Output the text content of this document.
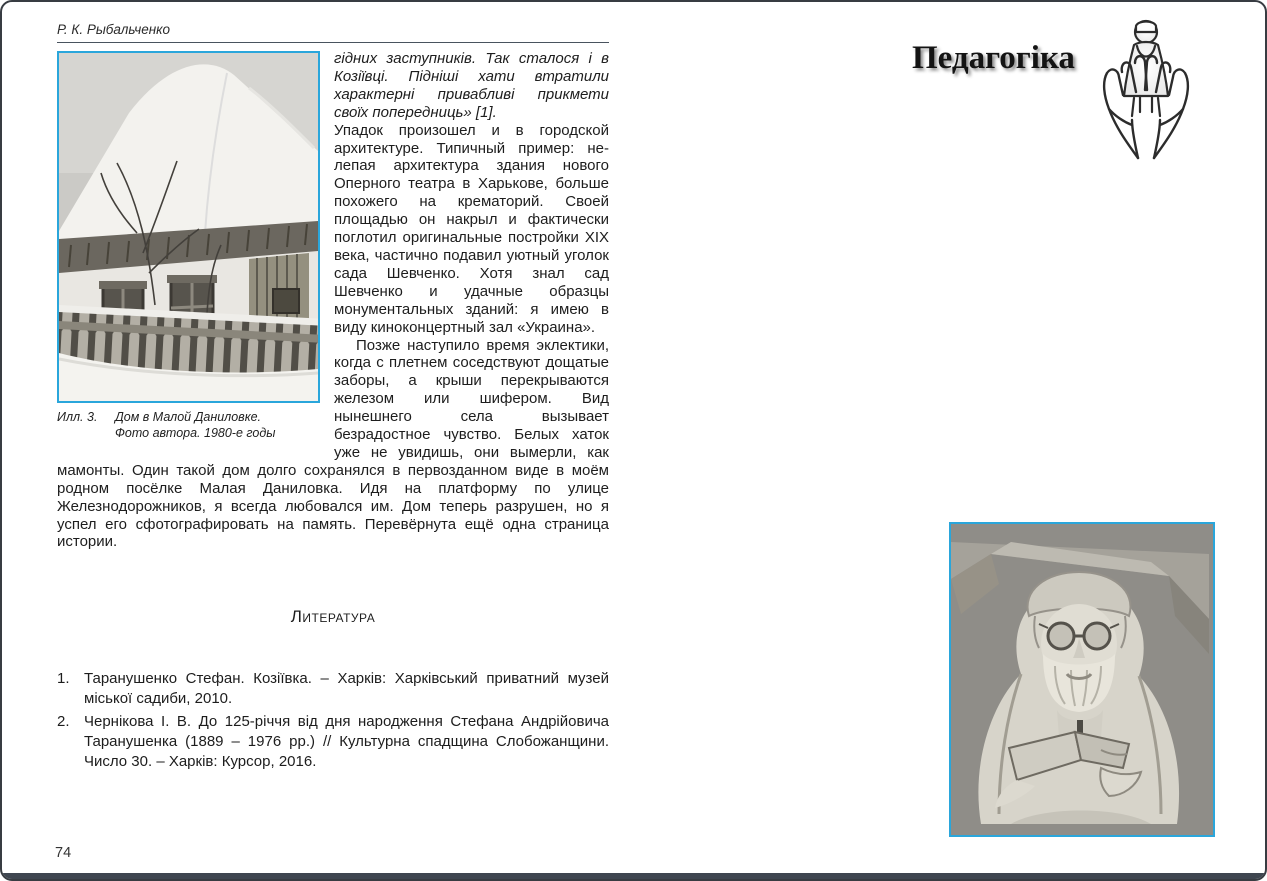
Р. К. Рыбальченко
Илл. 3.	Дом в Малой Даниловке.
Фото автора. 1980-е годы

гідних заступників. Так сталося і в Козіївці. Підніші хати втратили характерні привабливі прикмети своїх попередниць» [1].

Упадок произошел и в городской архитектуре. Типичный пример: нелепая архитектура здания нового Оперного театра в Харькове, больше похожего на крематорий. Своей площадью он накрыл и фактически поглотил оригинальные постройки XIX века, частично подавил уютный уголок сада Шевченко. Хотя знал сад Шевченко и удачные образцы монументальных зданий: я имею в виду киноконцертный зал «Украина».

Позже наступило время эклектики, когда с плетнем соседствуют дощатые заборы, а крыши перекрываются железом или шифером. Вид нынешнего села вызывает безрадостное чувство. Белых хаток уже не увидишь, они вымерли, как мамонты. Один такой дом долго сохранялся в первозданном виде в моём родном посёлке Малая Даниловка. Идя на платформу по улице Железнодорожников, я всегда любовался им. Дом теперь разрушен, но я успел его сфотографировать на память. Перевёрнута ещё одна страница истории.

Литература
1. Таранушенко Стефан. Козіївка. – Харків: Харківський приватний музей міської садиби, 2010.
2. Чернікова І. В. До 125-річчя від дня народження Стефана Андрійовича Таранушенка (1889 – 1976 рр.) // Культурна спадщина Слобожанщини. Число 30. – Харків: Курсор, 2016.
74
Педагогіка
